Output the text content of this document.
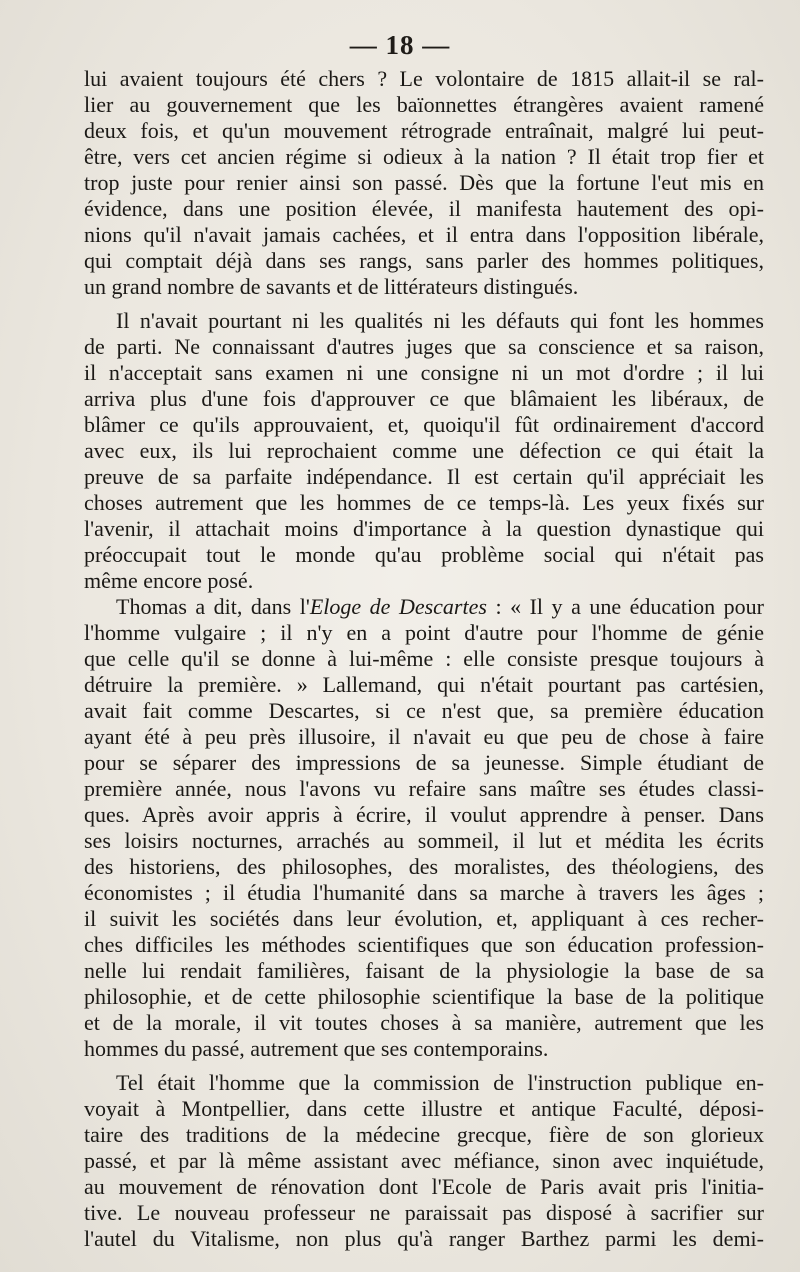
— 18 —
lui avaient toujours été chers ? Le volontaire de 1815 allait-il se ral-
lier au gouvernement que les baïonnettes étrangères avaient ramené
deux fois, et qu'un mouvement rétrograde entraînait, malgré lui peut-
être, vers cet ancien régime si odieux à la nation ? Il était trop fier et
trop juste pour renier ainsi son passé. Dès que la fortune l'eut mis en
évidence, dans une position élevée, il manifesta hautement des opi-
nions qu'il n'avait jamais cachées, et il entra dans l'opposition libérale,
qui comptait déjà dans ses rangs, sans parler des hommes politiques,
un grand nombre de savants et de littérateurs distingués.
Il n'avait pourtant ni les qualités ni les défauts qui font les hommes
de parti. Ne connaissant d'autres juges que sa conscience et sa raison,
il n'acceptait sans examen ni une consigne ni un mot d'ordre ; il lui
arriva plus d'une fois d'approuver ce que blâmaient les libéraux, de
blâmer ce qu'ils approuvaient, et, quoiqu'il fût ordinairement d'accord
avec eux, ils lui reprochaient comme une défection ce qui était la
preuve de sa parfaite indépendance. Il est certain qu'il appréciait les
choses autrement que les hommes de ce temps-là. Les yeux fixés sur
l'avenir, il attachait moins d'importance à la question dynastique qui
préoccupait tout le monde qu'au problème social qui n'était pas
même encore posé.
Thomas a dit, dans l'Eloge de Descartes : « Il y a une éducation pour
l'homme vulgaire ; il n'y en a point d'autre pour l'homme de génie
que celle qu'il se donne à lui-même : elle consiste presque toujours à
détruire la première. » Lallemand, qui n'était pourtant pas cartésien,
avait fait comme Descartes, si ce n'est que, sa première éducation
ayant été à peu près illusoire, il n'avait eu que peu de chose à faire
pour se séparer des impressions de sa jeunesse. Simple étudiant de
première année, nous l'avons vu refaire sans maître ses études classi-
ques. Après avoir appris à écrire, il voulut apprendre à penser. Dans
ses loisirs nocturnes, arrachés au sommeil, il lut et médita les écrits
des historiens, des philosophes, des moralistes, des théologiens, des
économistes ; il étudia l'humanité dans sa marche à travers les âges ;
il suivit les sociétés dans leur évolution, et, appliquant à ces recher-
ches difficiles les méthodes scientifiques que son éducation profession-
nelle lui rendait familières, faisant de la physiologie la base de sa
philosophie, et de cette philosophie scientifique la base de la politique
et de la morale, il vit toutes choses à sa manière, autrement que les
hommes du passé, autrement que ses contemporains.
Tel était l'homme que la commission de l'instruction publique en-
voyait à Montpellier, dans cette illustre et antique Faculté, déposi-
taire des traditions de la médecine grecque, fière de son glorieux
passé, et par là même assistant avec méfiance, sinon avec inquiétude,
au mouvement de rénovation dont l'Ecole de Paris avait pris l'initia-
tive. Le nouveau professeur ne paraissait pas disposé à sacrifier sur
l'autel du Vitalisme, non plus qu'à ranger Barthez parmi les demi-
